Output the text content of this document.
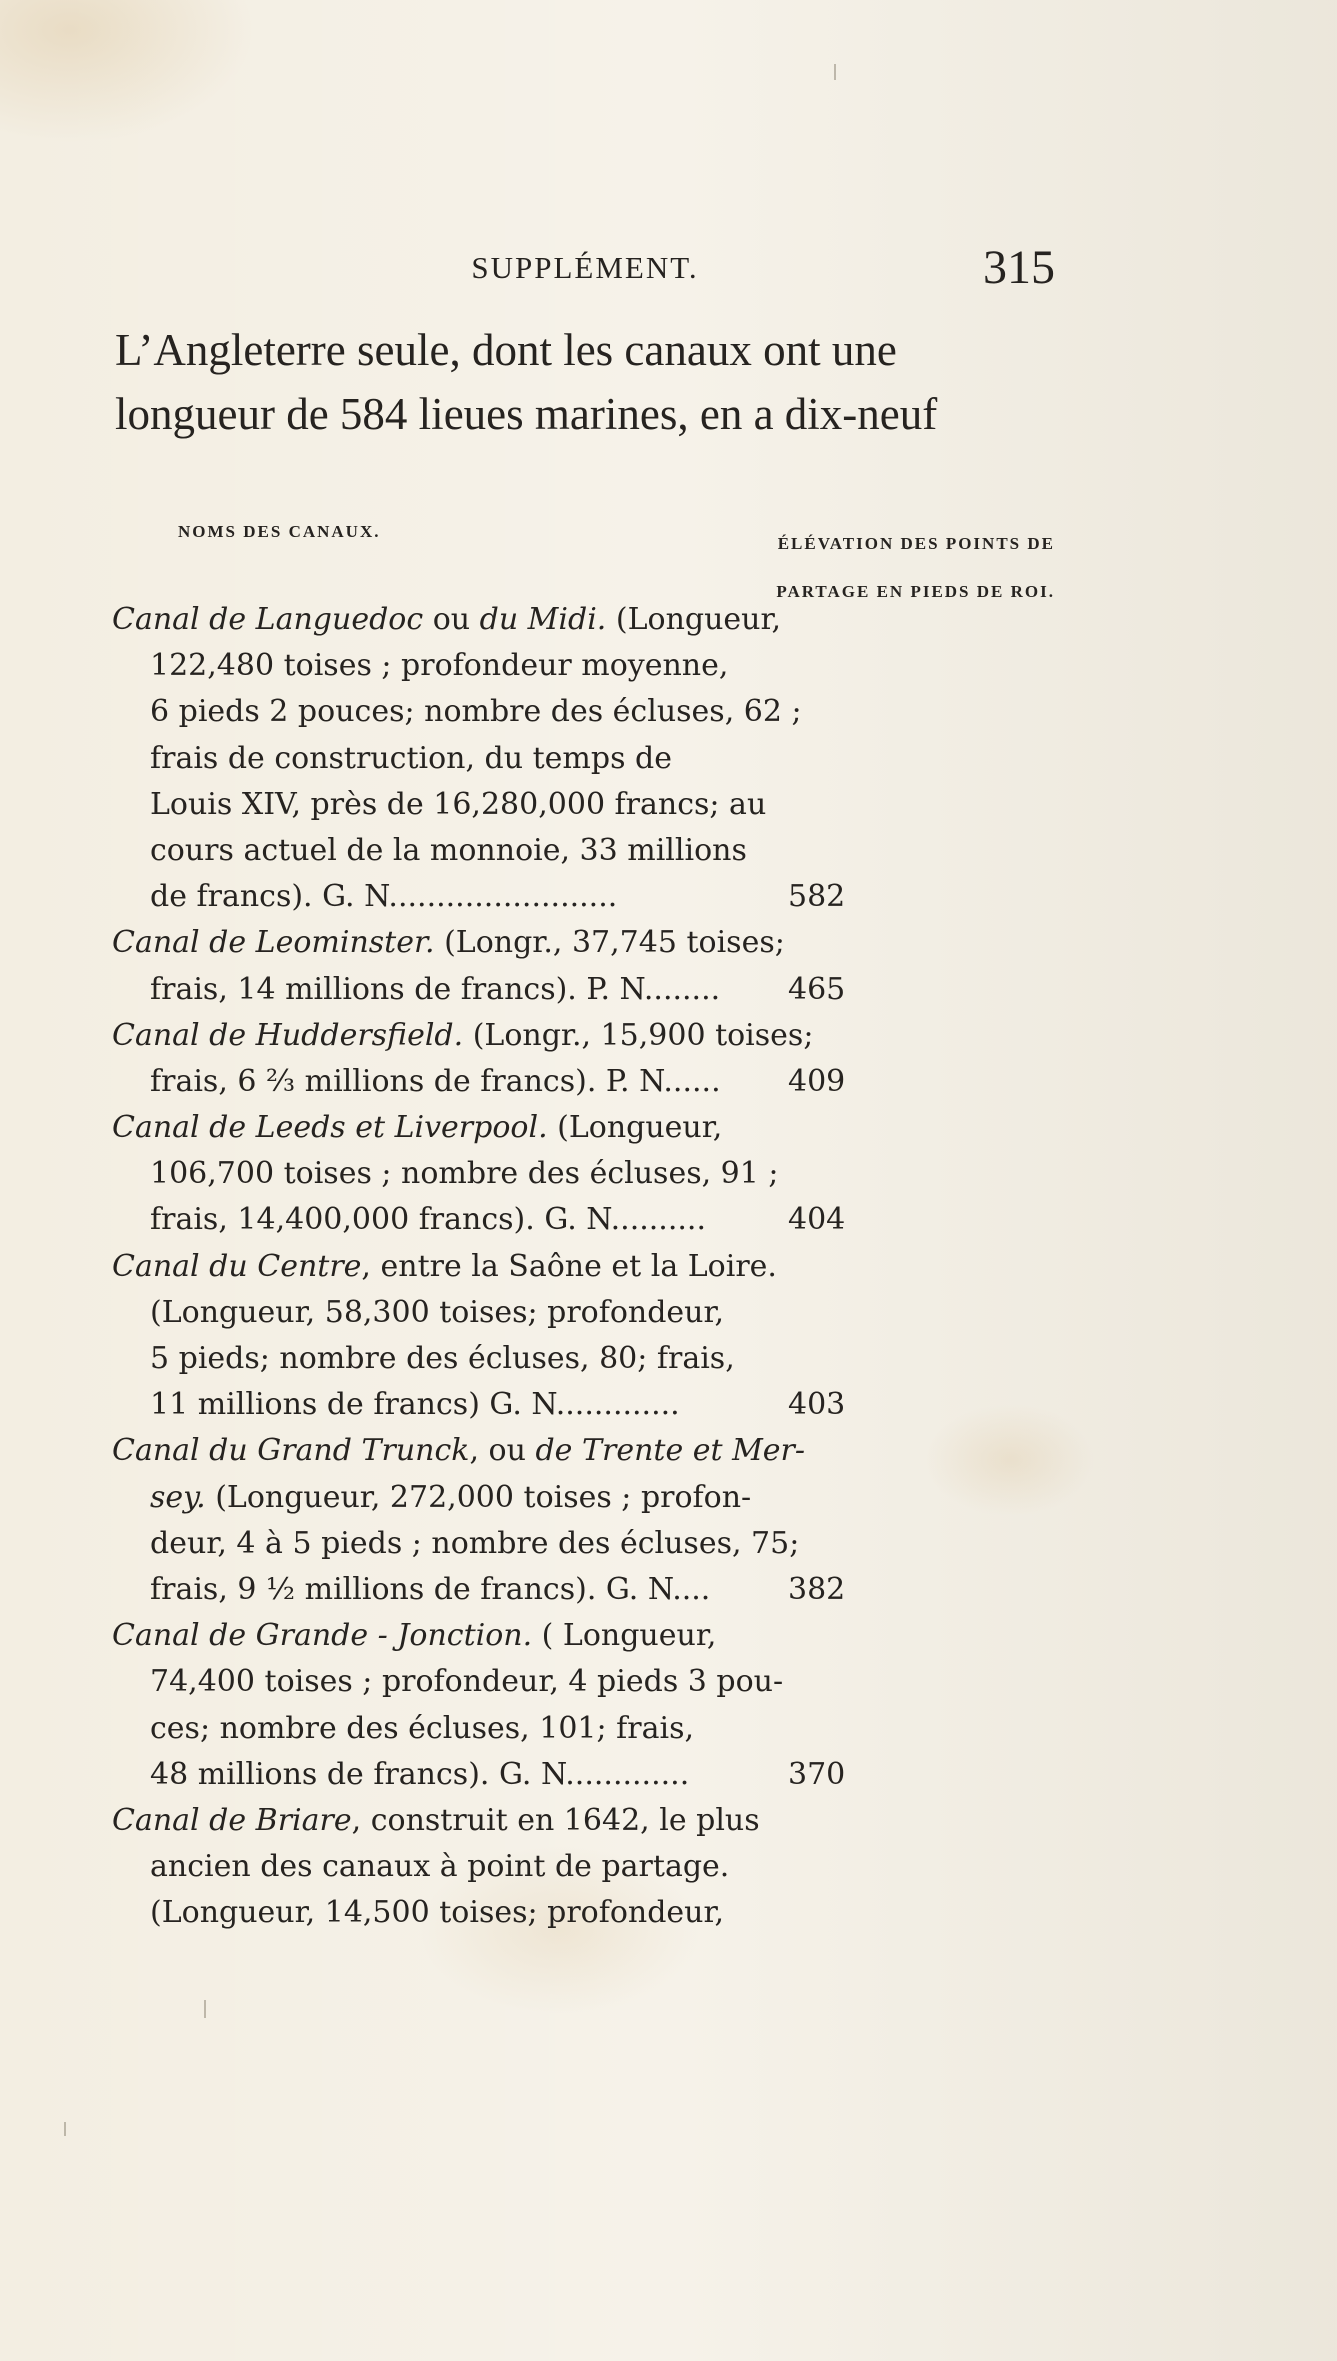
SUPPLÉMENT.	315
L’Angleterre seule, dont les canaux ont une
longueur de 584 lieues marines, en a dix-neuf
NOMS DES CANAUX.
ÉLÉVATION DES POINTS DE
PARTAGE EN PIEDS DE ROI.
Canal de Languedoc ou du Midi. (Longueur,
122,480 toises ; profondeur moyenne,
6 pieds 2 pouces; nombre des écluses, 62 ;
frais de construction, du temps de
Louis XIV, près de 16,280,000 francs; au
cours actuel de la monnoie, 33 millions
de francs). G. N........................	582
Canal de Leominster. (Longr., 37,745 toises;
frais, 14 millions de francs). P. N........ 465
Canal de Huddersfield. (Longr., 15,900 toises;
frais, 6 ⅔ millions de francs). P. N...... 409
Canal de Leeds et Liverpool. (Longueur,
106,700 toises ; nombre des écluses, 91 ;
frais, 14,400,000 francs). G. N..........	404
Canal du Centre, entre la Saône et la Loire.
(Longueur, 58,300 toises; profondeur,
5 pieds; nombre des écluses, 80; frais,
11 millions de francs) G. N.............	403
Canal du Grand Trunck, ou de Trente et Mer-
sey. (Longueur, 272,000 toises ; profon-
deur, 4 à 5 pieds ; nombre des écluses, 75;
frais, 9 ½ millions de francs). G. N....	382
Canal de Grande - Jonction. ( Longueur,
74,400 toises ; profondeur, 4 pieds 3 pou-
ces; nombre des écluses, 101; frais,
48 millions de francs). G. N.............	370
Canal de Briare, construit en 1642, le plus
ancien des canaux à point de partage.
(Longueur, 14,500 toises; profondeur,
